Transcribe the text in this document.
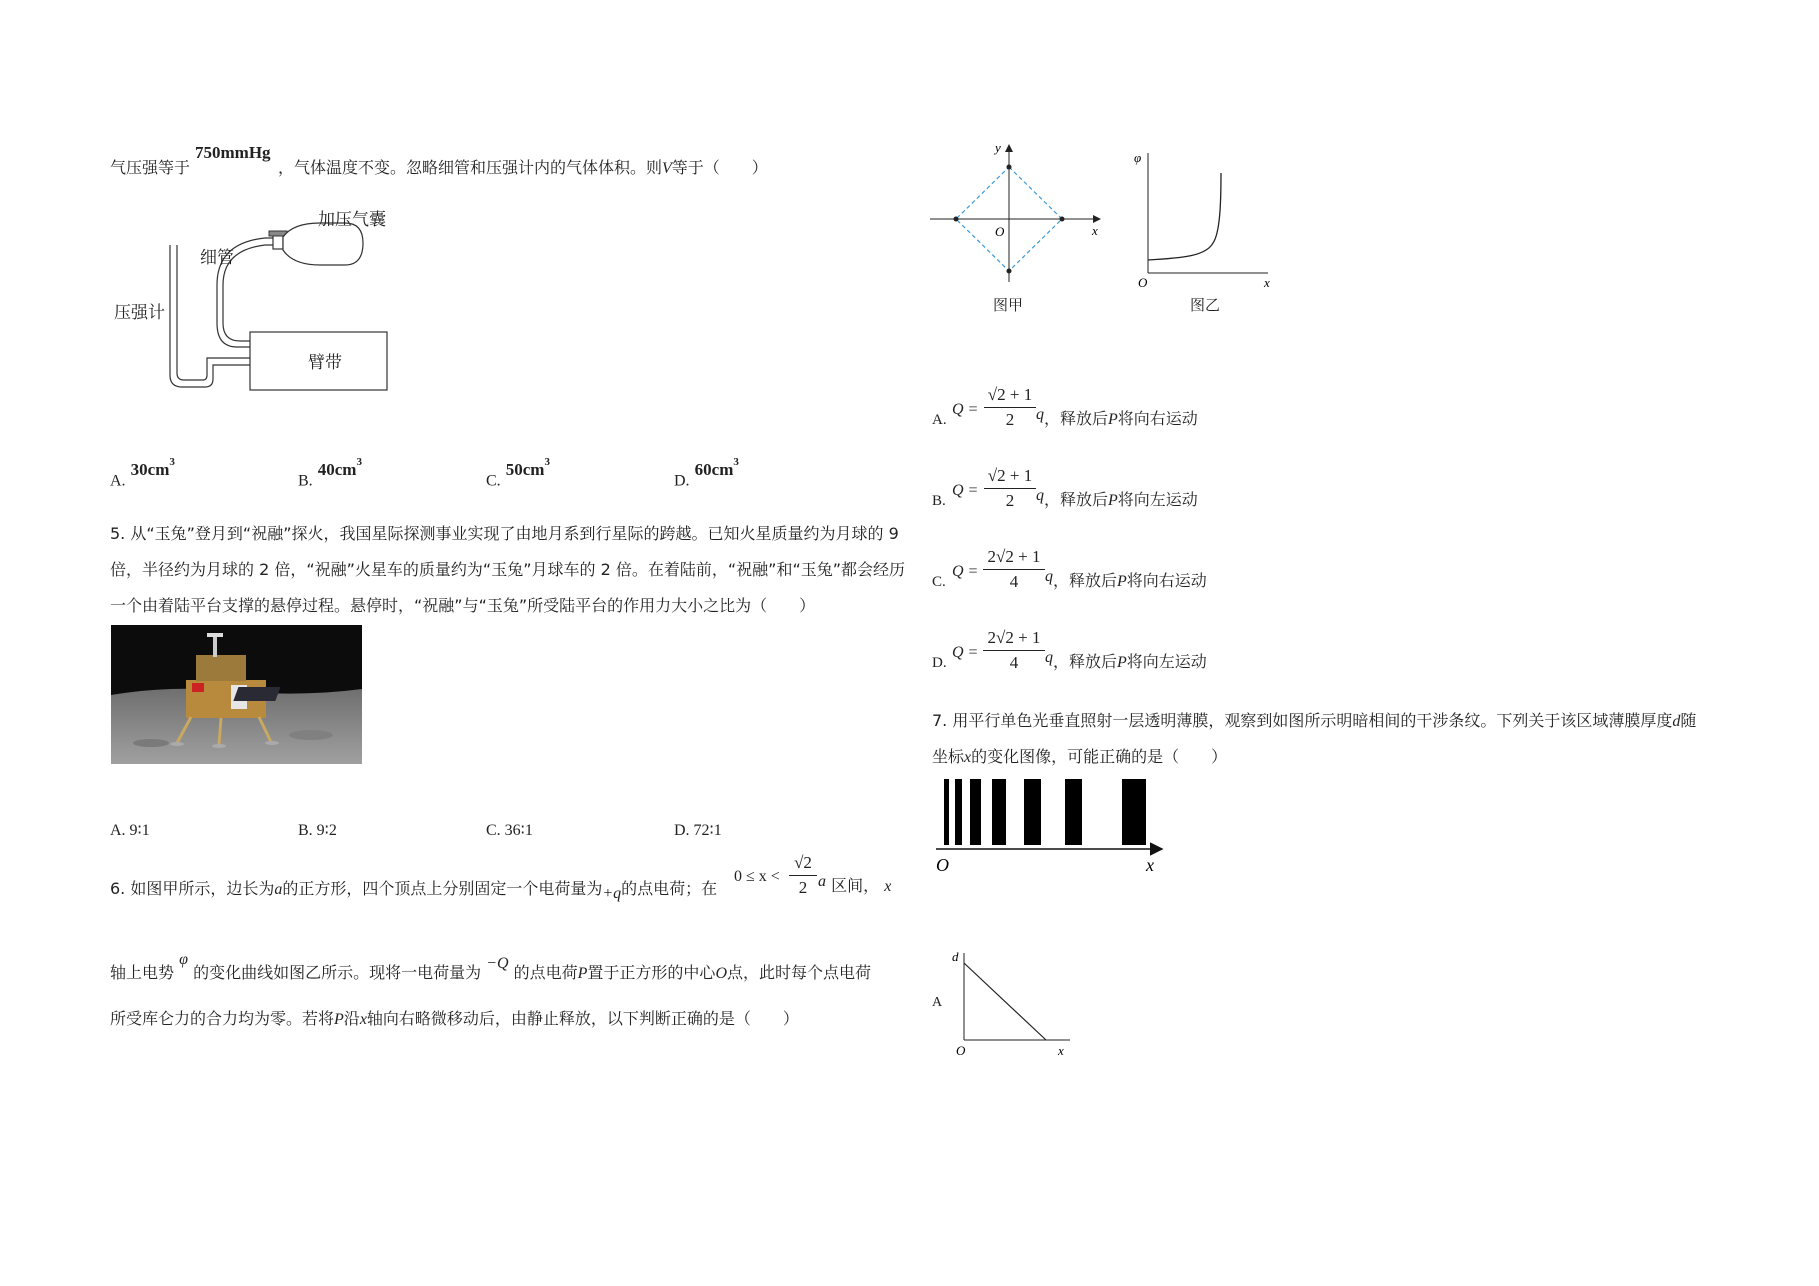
气压强等于
750mmHg
，气体温度不变。忽略细管和压强计内的气体体积。则V等于（　　）
加压气囊
细管
压强计
臂带
A. $30cm^3$
B. $40cm^3$
C. $50cm^3$
D. $60cm^3$
5. 从“玉兔”登月到“祝融”探火，我国星际探测事业实现了由地月系到行星际的跨越。已知火星质量约为月球的 9
倍，半径约为月球的 2 倍，“祝融”火星车的质量约为“玉兔”月球车的 2 倍。在着陆前，“祝融”和“玉兔”都会经历
一个由着陆平台支撑的悬停过程。悬停时，“祝融”与“玉兔”所受陆平台的作用力大小之比为（　　）
A. 9∶1	B. 9∶2	C. 36∶1	D. 72∶1
6. 如图甲所示，边长为a的正方形，四个顶点上分别固定一个电荷量为+q的点电荷；在
0 ≤ x <
√2
2 a 区间， x
轴上电势 φ 的变化曲线如图乙所示。现将一电荷量为 −Q 的点电荷P置于正方形的中心O点，此时每个点电荷
所受库仑力的合力均为零。若将P沿x轴向右略微移动后，由静止释放，以下判断正确的是（　　）
y
x
O
图甲
φ
x
O
图乙
A.
Q =
√2 + 1
2	q，释放后P将向右运动
B.
Q =
√2 + 1
2	q，释放后P将向左运动
C.
Q =
2√2 + 1
4	q，释放后P将向右运动
D.
Q =
2√2 + 1
4	q，释放后P将向左运动
7. 用平行单色光垂直照射一层透明薄膜，观察到如图所示明暗相间的干涉条纹。下列关于该区域薄膜厚度d随
坐标x的变化图像，可能正确的是（　　）
O	x
A
d
O	x
